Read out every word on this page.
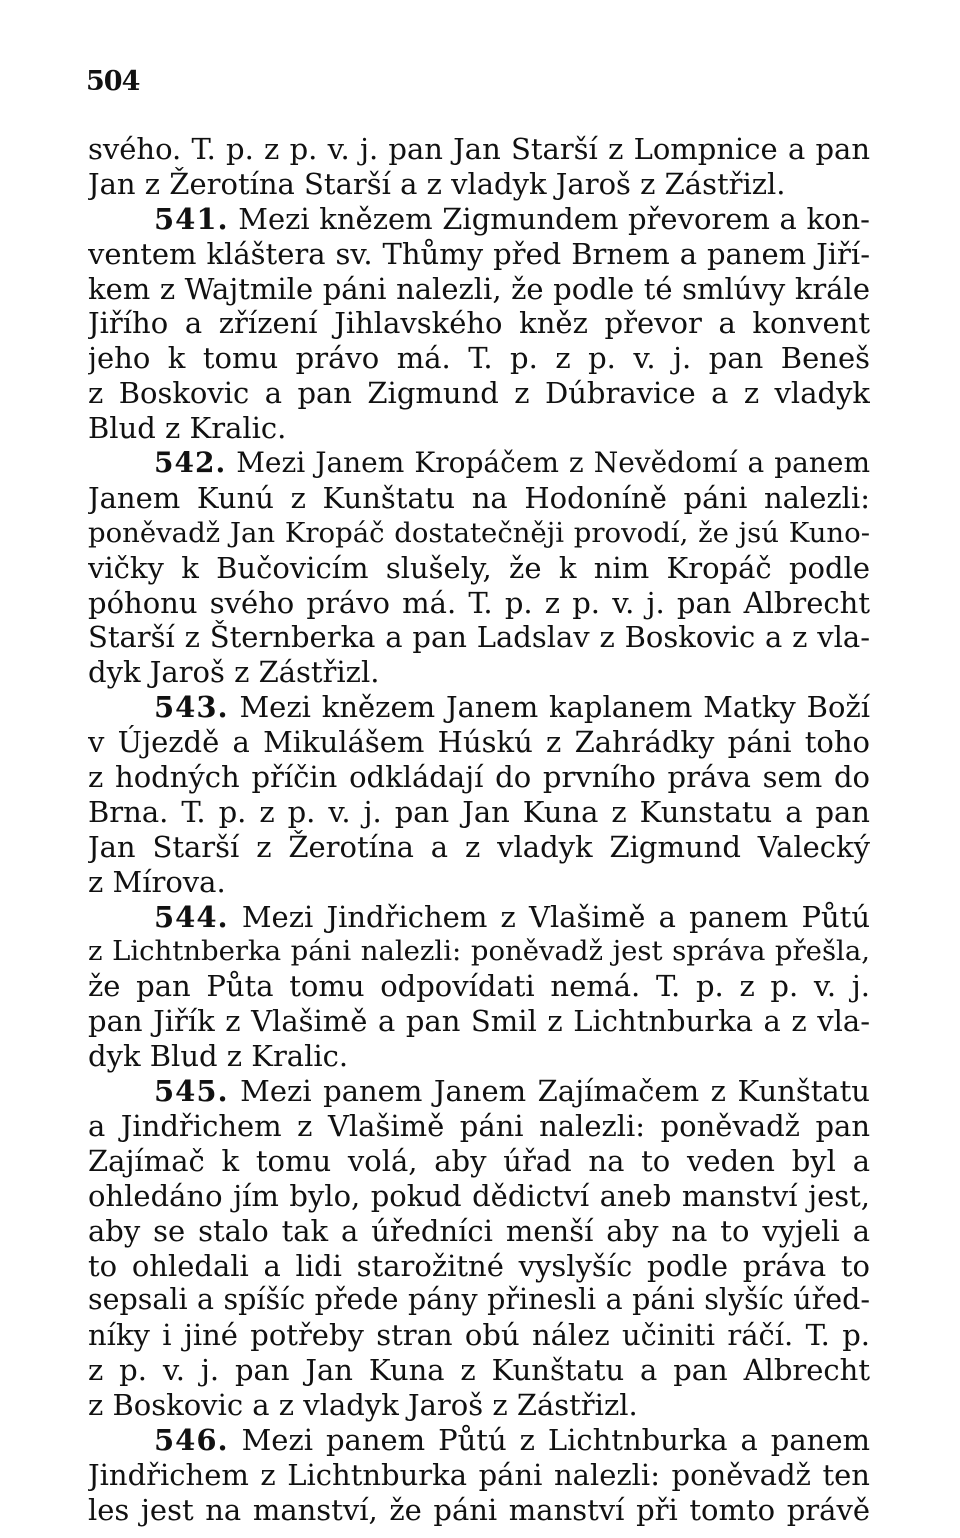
504
svého. T. p. z p. v. j. pan Jan Starší z Lompnice a pan
Jan z Žerotína Starší a z vladyk Jaroš z Zástřizl.
541. Mezi knězem Zigmundem převorem a kon-
ventem kláštera sv. Thůmy před Brnem a panem Jiří-
kem z Wajtmile páni nalezli, že podle té smlúvy krále
Jiřího a zřízení Jihlavského kněz převor a konvent
jeho k tomu právo má. T. p. z p. v. j. pan Beneš
z Boskovic a pan Zigmund z Dúbravice a z vladyk
Blud z Kralic.
542. Mezi Janem Kropáčem z Nevědomí a panem
Janem Kunú z Kunštatu na Hodoníně páni nalezli:
poněvadž Jan Kropáč dostatečněji provodí, že jsú Kuno-
vičky k Bučovicím slušely, že k nim Kropáč podle
póhonu svého právo má. T. p. z p. v. j. pan Albrecht
Starší z Šternberka a pan Ladslav z Boskovic a z vla-
dyk Jaroš z Zástřizl.
543. Mezi knězem Janem kaplanem Matky Boží
v Újezdě a Mikulášem Húskú z Zahrádky páni toho
z hodných příčin odkládají do prvního práva sem do
Brna. T. p. z p. v. j. pan Jan Kuna z Kunstatu a pan
Jan Starší z Žerotína a z vladyk Zigmund Valecký
z Mírova.
544. Mezi Jindřichem z Vlašimě a panem Půtú
z Lichtnberka páni nalezli: poněvadž jest správa přešla,
že pan Půta tomu odpovídati nemá. T. p. z p. v. j.
pan Jiřík z Vlašimě a pan Smil z Lichtnburka a z vla-
dyk Blud z Kralic.
545. Mezi panem Janem Zajímačem z Kunštatu
a Jindřichem z Vlašimě páni nalezli: poněvadž pan
Zajímač k tomu volá, aby úřad na to veden byl a
ohledáno jím bylo, pokud dědictví aneb manství jest,
aby se stalo tak a úředníci menší aby na to vyjeli a
to ohledali a lidi starožitné vyslyšíc podle práva to
sepsali a spíšíc přede pány přinesli a páni slyšíc úřed-
níky i jiné potřeby stran obú nález učiniti ráčí. T. p.
z p. v. j. pan Jan Kuna z Kunštatu a pan Albrecht
z Boskovic a z vladyk Jaroš z Zástřizl.
546. Mezi panem Půtú z Lichtnburka a panem
Jindřichem z Lichtnburka páni nalezli: poněvadž ten
les jest na manství, že páni manství při tomto právě
